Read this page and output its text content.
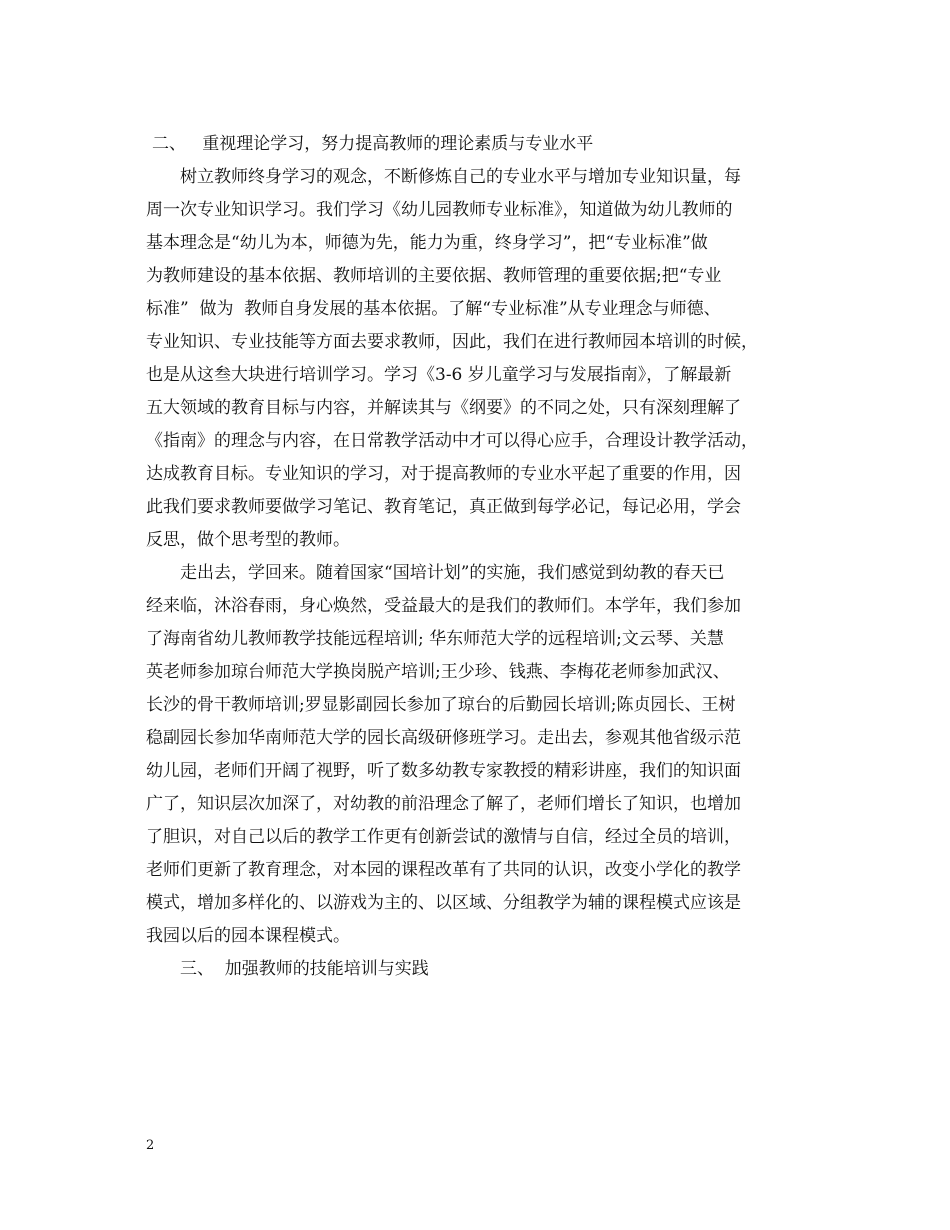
二、   重视理论学习，努力提高教师的理论素质与专业水平
树立教师终身学习的观念，不断修炼自己的专业水平与增加专业知识量，每
周一次专业知识学习。我们学习《幼儿园教师专业标准》，知道做为幼儿教师的
基本理念是“幼儿为本，师德为先，能力为重，终身学习”，把“专业标准”做
为教师建设的基本依据、教师培训的主要依据、教师管理的重要依据;把“专业
标准”  做为  教师自身发展的基本依据。了解“专业标准”从专业理念与师德、
专业知识、专业技能等方面去要求教师，因此，我们在进行教师园本培训的时候，
也是从这叁大块进行培训学习。学习《3-6 岁儿童学习与发展指南》，了解最新
五大领域的教育目标与内容，并解读其与《纲要》的不同之处，只有深刻理解了
《指南》的理念与内容，在日常教学活动中才可以得心应手，合理设计教学活动，
达成教育目标。专业知识的学习，对于提高教师的专业水平起了重要的作用，因
此我们要求教师要做学习笔记、教育笔记，真正做到每学必记，每记必用，学会
反思，做个思考型的教师。
走出去，学回来。随着国家“国培计划”的实施，我们感觉到幼教的春天已
经来临，沐浴春雨，身心焕然，受益最大的是我们的教师们。本学年，我们参加
了海南省幼儿教师教学技能远程培训; 华东师范大学的远程培训;文云琴、关慧
英老师参加琼台师范大学换岗脱产培训;王少珍、钱燕、李梅花老师参加武汉、
长沙的骨干教师培训;罗显影副园长参加了琼台的后勤园长培训;陈贞园长、王树
稳副园长参加华南师范大学的园长高级研修班学习。走出去，参观其他省级示范
幼儿园，老师们开阔了视野，听了数多幼教专家教授的精彩讲座，我们的知识面
广了，知识层次加深了，对幼教的前沿理念了解了，老师们增长了知识，也增加
了胆识，对自己以后的教学工作更有创新尝试的激情与自信，经过全员的培训，
老师们更新了教育理念，对本园的课程改革有了共同的认识，改变小学化的教学
模式，增加多样化的、以游戏为主的、以区域、分组教学为辅的课程模式应该是
我园以后的园本课程模式。
三、  加强教师的技能培训与实践
2
